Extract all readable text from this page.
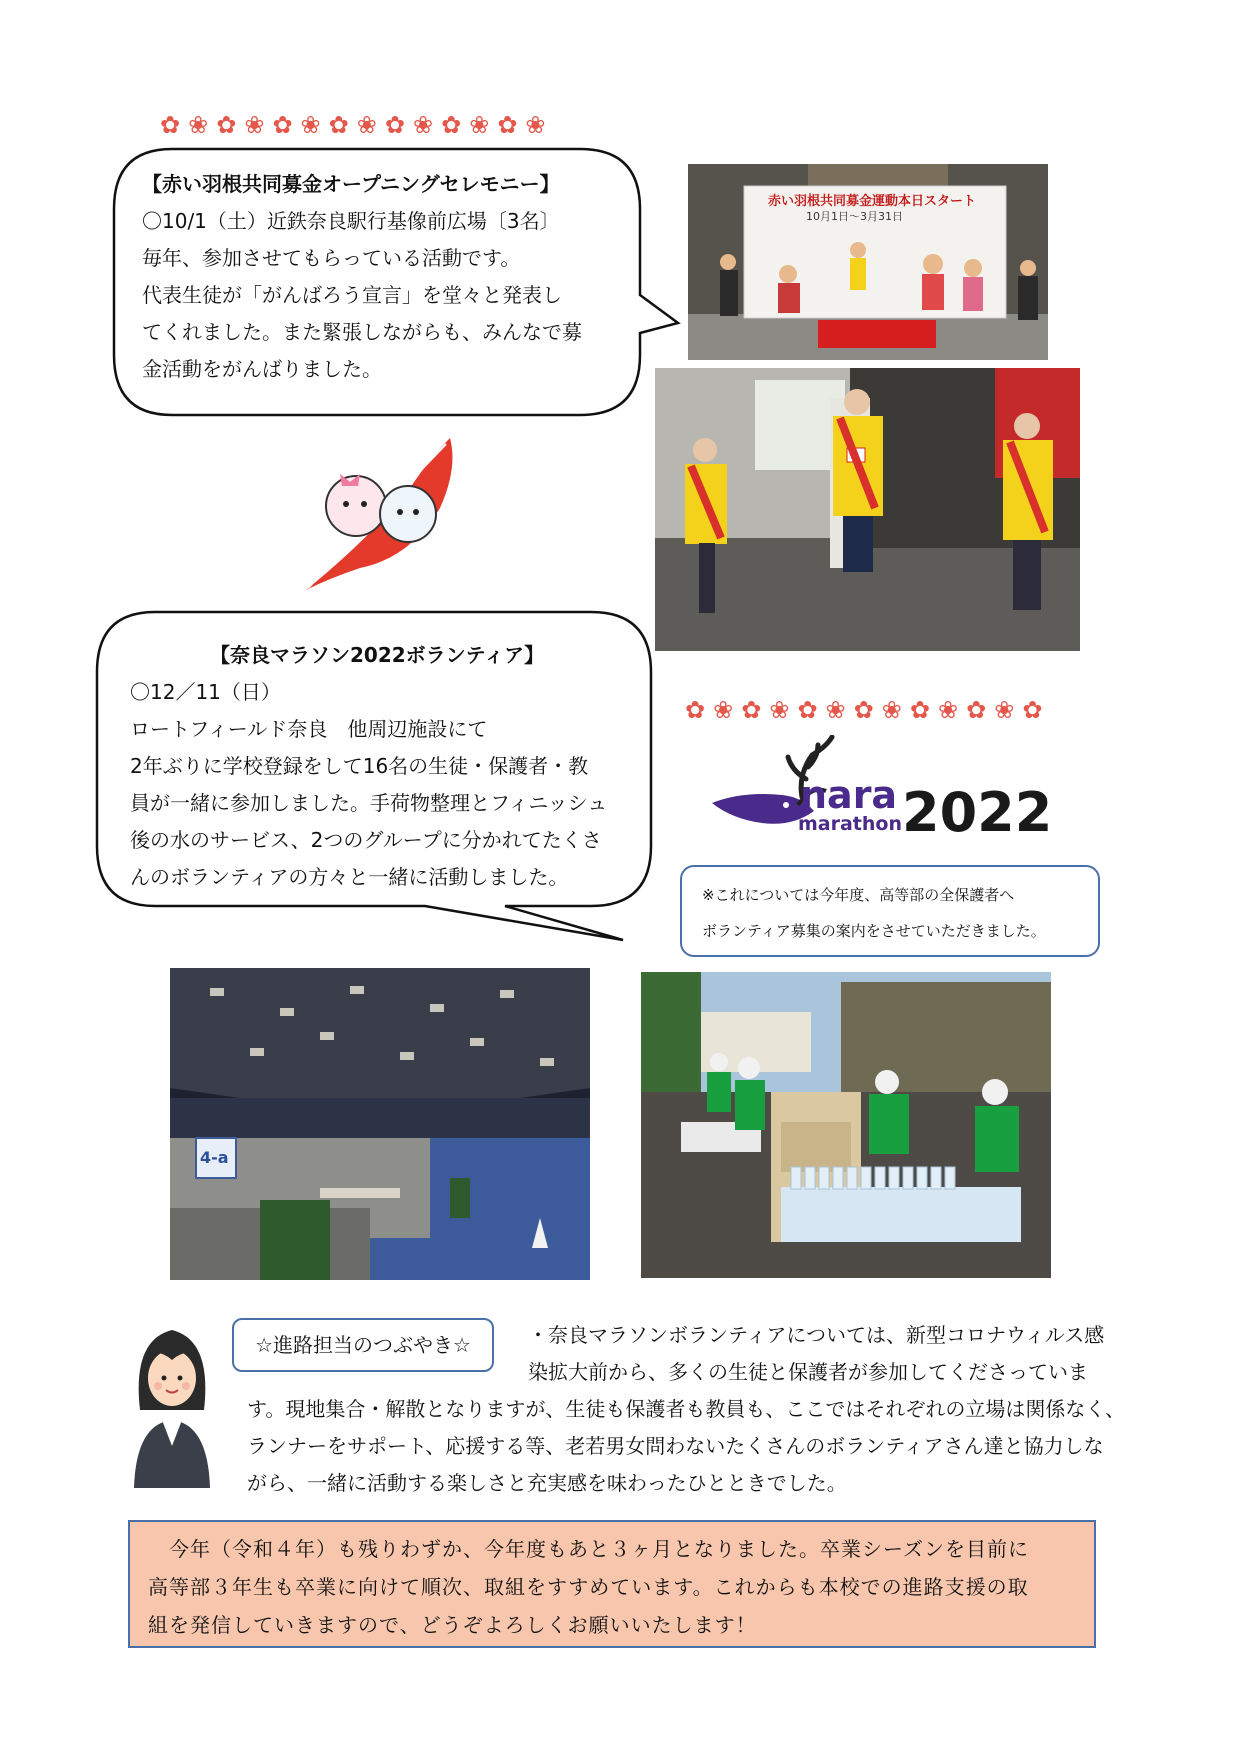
✿ ❀ ✿ ❀ ✿ ❀ ✿ ❀ ✿ ❀ ✿ ❀ ✿ ❀
【赤い羽根共同募金オープニングセレモニー】
〇10/1（土）近鉄奈良駅行基像前広場〔3名〕
毎年、参加させてもらっている活動です。
代表生徒が「がんばろう宣言」を堂々と発表し
てくれました。また緊張しながらも、みんなで募
金活動をがんばりました。
赤い羽根共同募金運動本日スタート
10月1日～3月31日
【奈良マラソン2022ボランティア】
〇12／11（日）
ロートフィールド奈良　他周辺施設にて
2年ぶりに学校登録をして16名の生徒・保護者・教
員が一緒に参加しました。手荷物整理とフィニッシュ
後の水のサービス、2つのグループに分かれてたくさ
んのボランティアの方々と一緒に活動しました。
✿ ❀ ✿ ❀ ✿ ❀ ✿ ❀ ✿ ❀ ✿ ❀ ✿
nara
marathon 2022
※これについては今年度、高等部の全保護者へ
ボランティア募集の案内をさせていただきました。
4-a
☆進路担当のつぶやき☆	・奈良マラソンボランティアについては、新型コロナウィルス感
染拡大前から、多くの生徒と保護者が参加してくださっていま
す。現地集合・解散となりますが、生徒も保護者も教員も、ここではそれぞれの立場は関係なく、
ランナーをサポート、応援する等、老若男女問わないたくさんのボランティアさん達と協力しな
がら、一緒に活動する楽しさと充実感を味わったひとときでした。
　今年（令和４年）も残りわずか、今年度もあと３ヶ月となりました。卒業シーズンを目前に
高等部３年生も卒業に向けて順次、取組をすすめています。これからも本校での進路支援の取
組を発信していきますので、どうぞよろしくお願いいたします！
